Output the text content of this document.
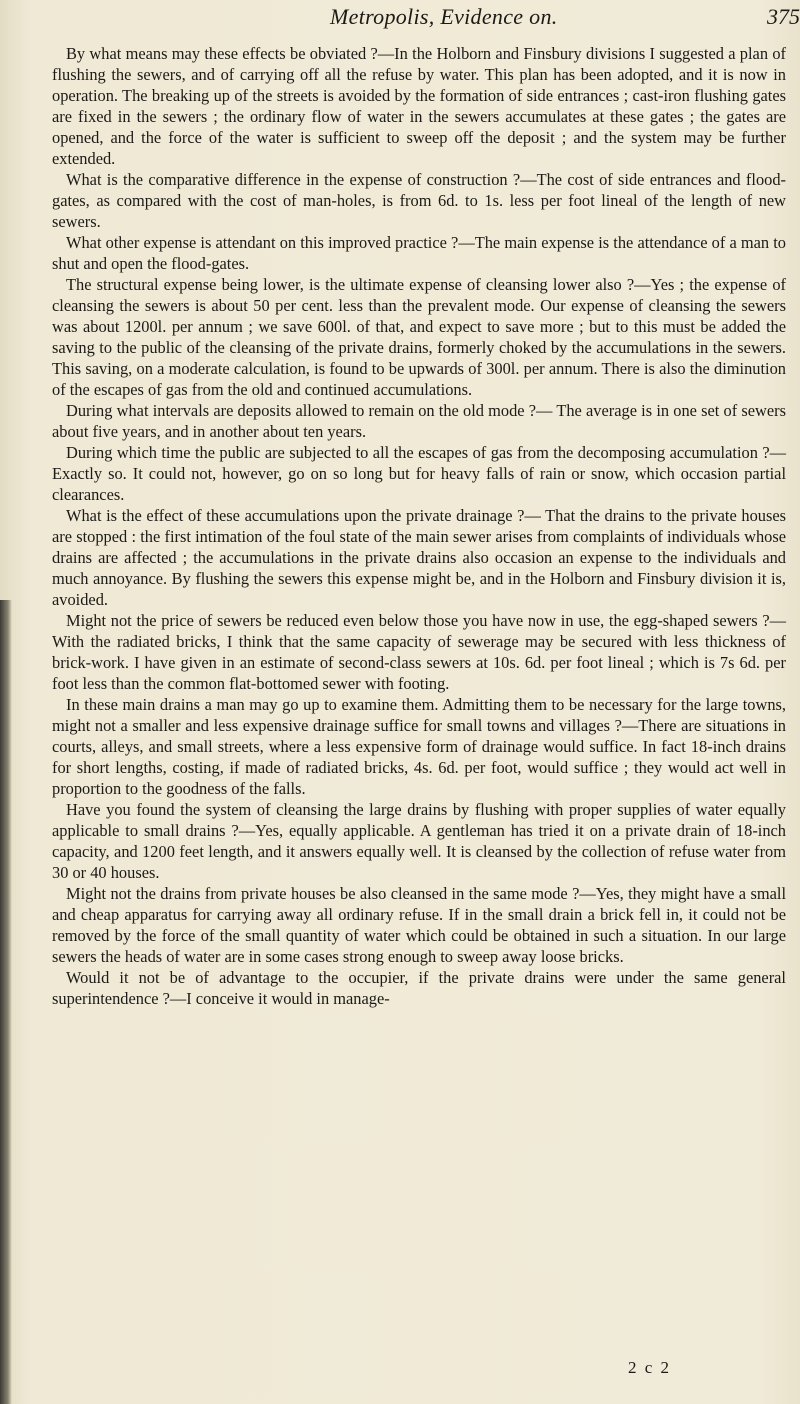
Metropolis, Evidence on.	375

By what means may these effects be obviated ?—In the Holborn and Finsbury divisions I suggested a plan of flushing the sewers, and of carrying off all the refuse by water. This plan has been adopted, and it is now in operation. The breaking up of the streets is avoided by the formation of side entrances ; cast-iron flushing gates are fixed in the sewers ; the ordinary flow of water in the sewers accumulates at these gates ; the gates are opened, and the force of the water is sufficient to sweep off the deposit ; and the system may be further extended.

What is the comparative difference in the expense of construction ?—The cost of side entrances and flood-gates, as compared with the cost of man-holes, is from 6d. to 1s. less per foot lineal of the length of new sewers.

What other expense is attendant on this improved practice ?—The main expense is the attendance of a man to shut and open the flood-gates.

The structural expense being lower, is the ultimate expense of cleansing lower also ?—Yes ; the expense of cleansing the sewers is about 50 per cent. less than the prevalent mode. Our expense of cleansing the sewers was about 1200l. per annum ; we save 600l. of that, and expect to save more ; but to this must be added the saving to the public of the cleansing of the private drains, formerly choked by the accumulations in the sewers. This saving, on a moderate calculation, is found to be upwards of 300l. per annum. There is also the diminution of the escapes of gas from the old and continued accumulations.

During what intervals are deposits allowed to remain on the old mode ?— The average is in one set of sewers about five years, and in another about ten years.

During which time the public are subjected to all the escapes of gas from the decomposing accumulation ?—Exactly so. It could not, however, go on so long but for heavy falls of rain or snow, which occasion partial clearances.

What is the effect of these accumulations upon the private drainage ?— That the drains to the private houses are stopped : the first intimation of the foul state of the main sewer arises from complaints of individuals whose drains are affected ; the accumulations in the private drains also occasion an expense to the individuals and much annoyance. By flushing the sewers this expense might be, and in the Holborn and Finsbury division it is, avoided.

Might not the price of sewers be reduced even below those you have now in use, the egg-shaped sewers ?—With the radiated bricks, I think that the same capacity of sewerage may be secured with less thickness of brick-work. I have given in an estimate of second-class sewers at 10s. 6d. per foot lineal ; which is 7s 6d. per foot less than the common flat-bottomed sewer with footing.

In these main drains a man may go up to examine them. Admitting them to be necessary for the large towns, might not a smaller and less expensive drainage suffice for small towns and villages ?—There are situations in courts, alleys, and small streets, where a less expensive form of drainage would suffice. In fact 18-inch drains for short lengths, costing, if made of radiated bricks, 4s. 6d. per foot, would suffice ; they would act well in proportion to the goodness of the falls.

Have you found the system of cleansing the large drains by flushing with proper supplies of water equally applicable to small drains ?—Yes, equally applicable. A gentleman has tried it on a private drain of 18-inch capacity, and 1200 feet length, and it answers equally well. It is cleansed by the collection of refuse water from 30 or 40 houses.

Might not the drains from private houses be also cleansed in the same mode ?—Yes, they might have a small and cheap apparatus for carrying away all ordinary refuse. If in the small drain a brick fell in, it could not be removed by the force of the small quantity of water which could be obtained in such a situation. In our large sewers the heads of water are in some cases strong enough to sweep away loose bricks.

Would it not be of advantage to the occupier, if the private drains were under the same general superintendence ?—I conceive it would in manage-

2 c 2
